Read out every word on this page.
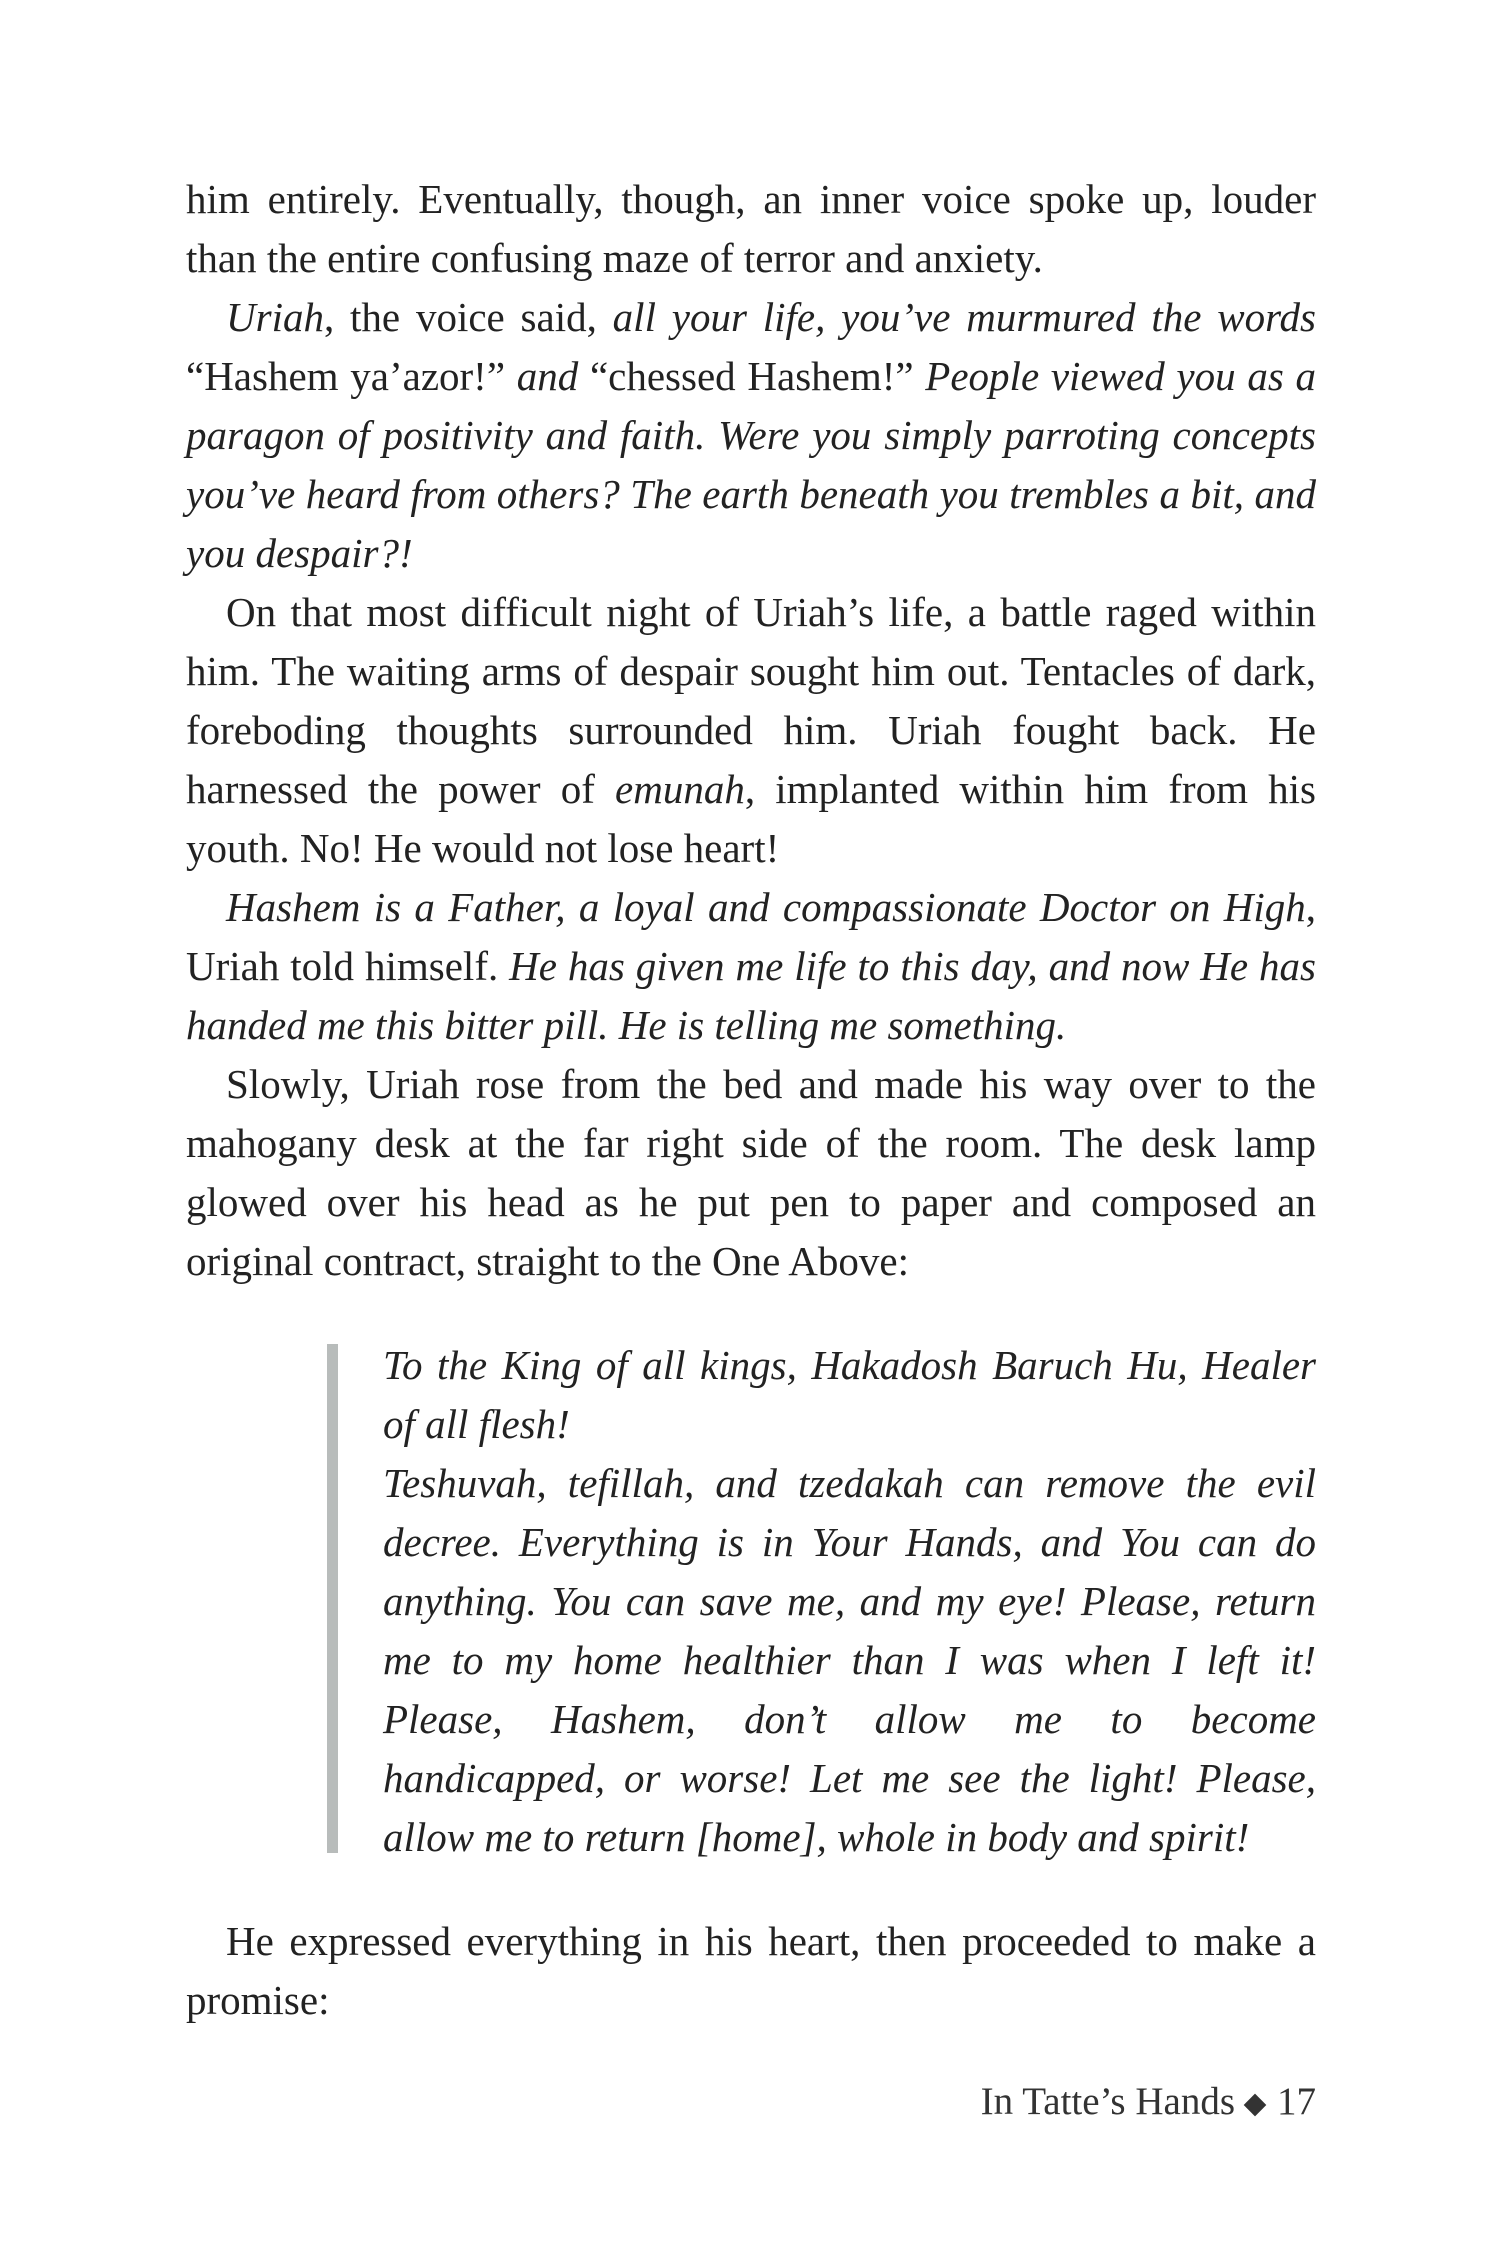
him entirely. Eventually, though, an inner voice spoke up, louder than the entire confusing maze of terror and anxiety.

Uriah, the voice said, all your life, you’ve murmured the words “Hashem ya’azor!” and “chessed Hashem!” People viewed you as a paragon of positivity and faith. Were you simply parroting concepts you’ve heard from others? The earth beneath you trembles a bit, and you despair?!

On that most difficult night of Uriah’s life, a battle raged within him. The waiting arms of despair sought him out. Tentacles of dark, foreboding thoughts surrounded him. Uriah fought back. He harnessed the power of emunah, implanted within him from his youth. No! He would not lose heart!

Hashem is a Father, a loyal and compassionate Doctor on High, Uriah told himself. He has given me life to this day, and now He has handed me this bitter pill. He is telling me something.

Slowly, Uriah rose from the bed and made his way over to the mahogany desk at the far right side of the room. The desk lamp glowed over his head as he put pen to paper and composed an original contract, straight to the One Above:

To the King of all kings, Hakadosh Baruch Hu, Healer of all flesh!

Teshuvah, tefillah, and tzedakah can remove the evil decree. Everything is in Your Hands, and You can do anything. You can save me, and my eye! Please, return me to my home healthier than I was when I left it! Please, Hashem, don’t allow me to become handicapped, or worse! Let me see the light! Please, allow me to return [home], whole in body and spirit!

He expressed everything in his heart, then proceeded to make a promise:

In Tatte’s Hands 17
